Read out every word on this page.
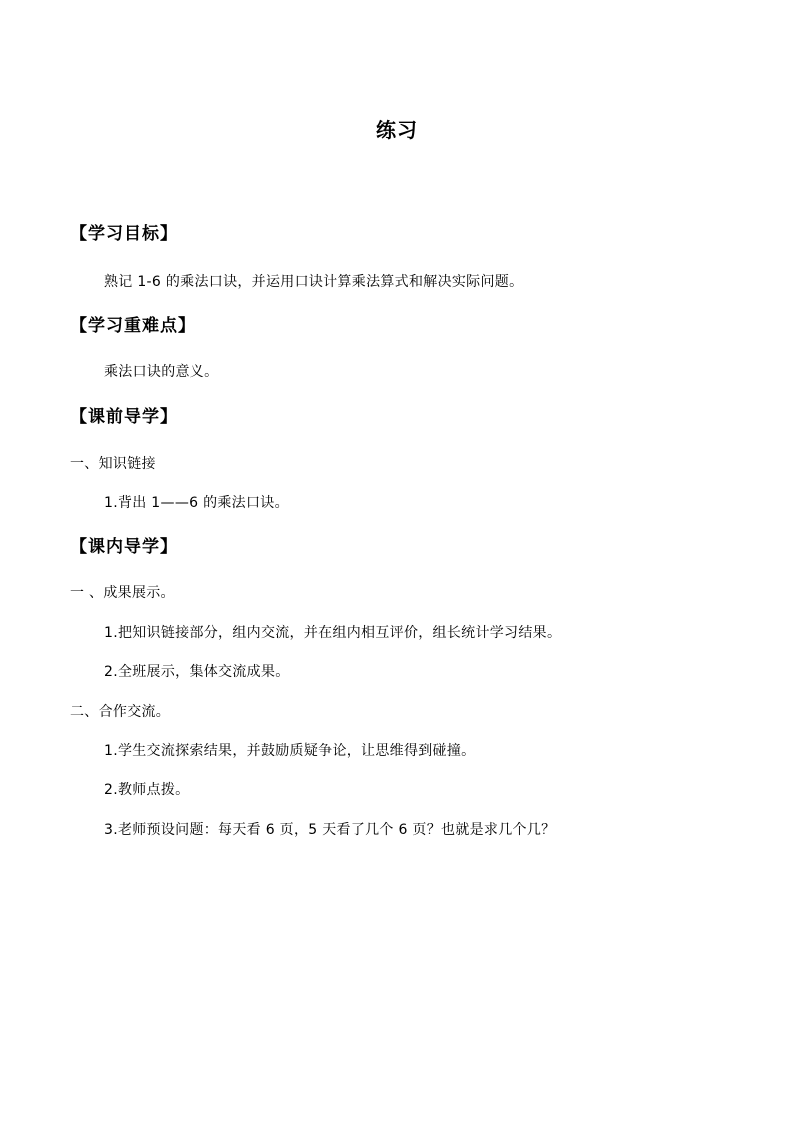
练习
【学习目标】
熟记 1-6 的乘法口诀，并运用口诀计算乘法算式和解决实际问题。
【学习重难点】
乘法口诀的意义。
【课前导学】
一、知识链接
1.背出 1——6 的乘法口诀。
【课内导学】
一 、成果展示。
1.把知识链接部分，组内交流，并在组内相互评价，组长统计学习结果。
2.全班展示，集体交流成果。
二、合作交流。
1.学生交流探索结果，并鼓励质疑争论，让思维得到碰撞。
2.教师点拨。
3.老师预设问题：每天看 6 页，5 天看了几个 6 页？也就是求几个几？
